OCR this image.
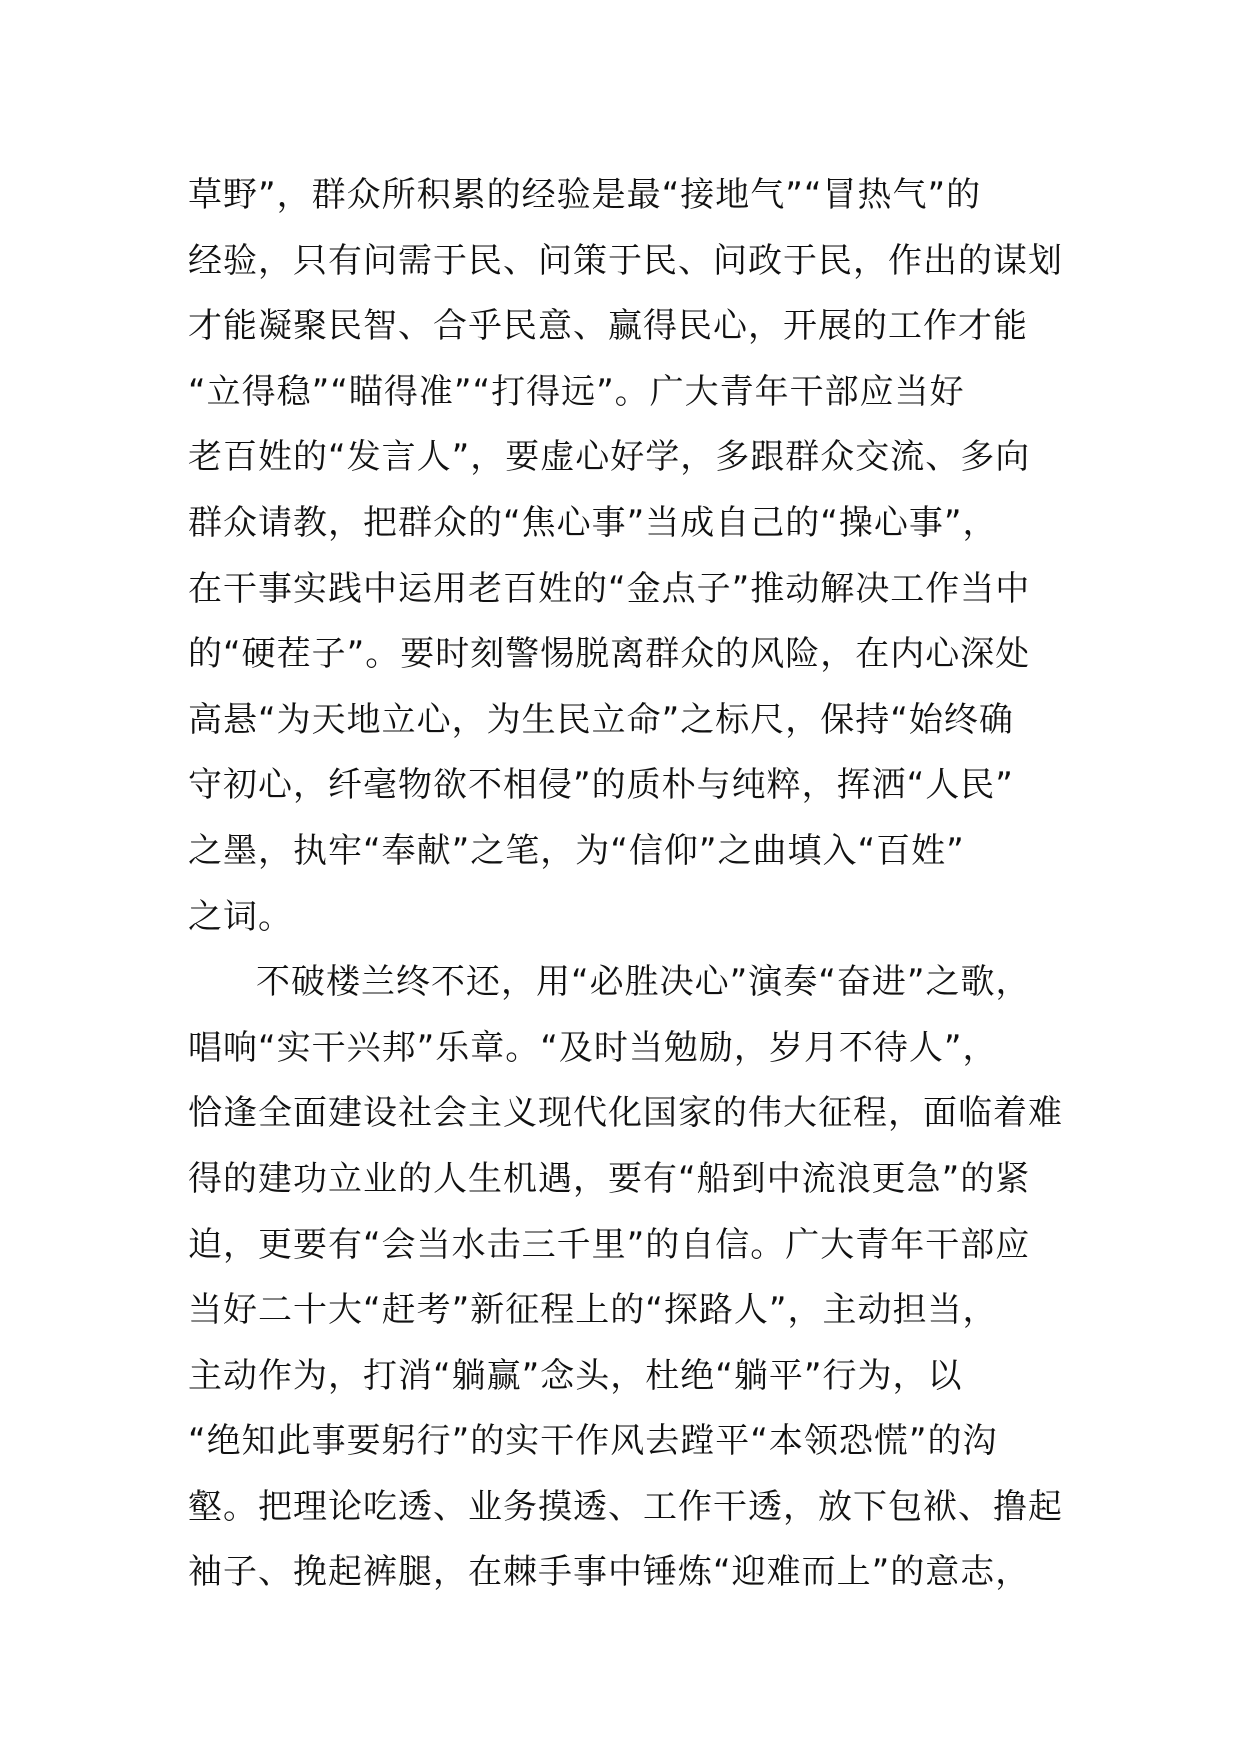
草野”，群众所积累的经验是最“接地气”“冒热气”的
经验，只有问需于民、问策于民、问政于民，作出的谋划
才能凝聚民智、合乎民意、赢得民心，开展的工作才能
“立得稳”“瞄得准”“打得远”。广大青年干部应当好
老百姓的“发言人”，要虚心好学，多跟群众交流、多向
群众请教，把群众的“焦心事”当成自己的“操心事”，
在干事实践中运用老百姓的“金点子”推动解决工作当中
的“硬茬子”。要时刻警惕脱离群众的风险，在内心深处
高悬“为天地立心，为生民立命”之标尺，保持“始终确
守初心，纤毫物欲不相侵”的质朴与纯粹，挥洒“人民”
之墨，执牢“奉献”之笔，为“信仰”之曲填入“百姓”
之词。
不破楼兰终不还，用“必胜决心”演奏“奋进”之歌，
唱响“实干兴邦”乐章。“及时当勉励，岁月不待人”，
恰逢全面建设社会主义现代化国家的伟大征程，面临着难
得的建功立业的人生机遇，要有“船到中流浪更急”的紧
迫，更要有“会当水击三千里”的自信。广大青年干部应
当好二十大“赶考”新征程上的“探路人”，主动担当，
主动作为，打消“躺赢”念头，杜绝“躺平”行为，以
“绝知此事要躬行”的实干作风去蹚平“本领恐慌”的沟
壑。把理论吃透、业务摸透、工作干透，放下包袱、撸起
袖子、挽起裤腿，在棘手事中锤炼“迎难而上”的意志，
